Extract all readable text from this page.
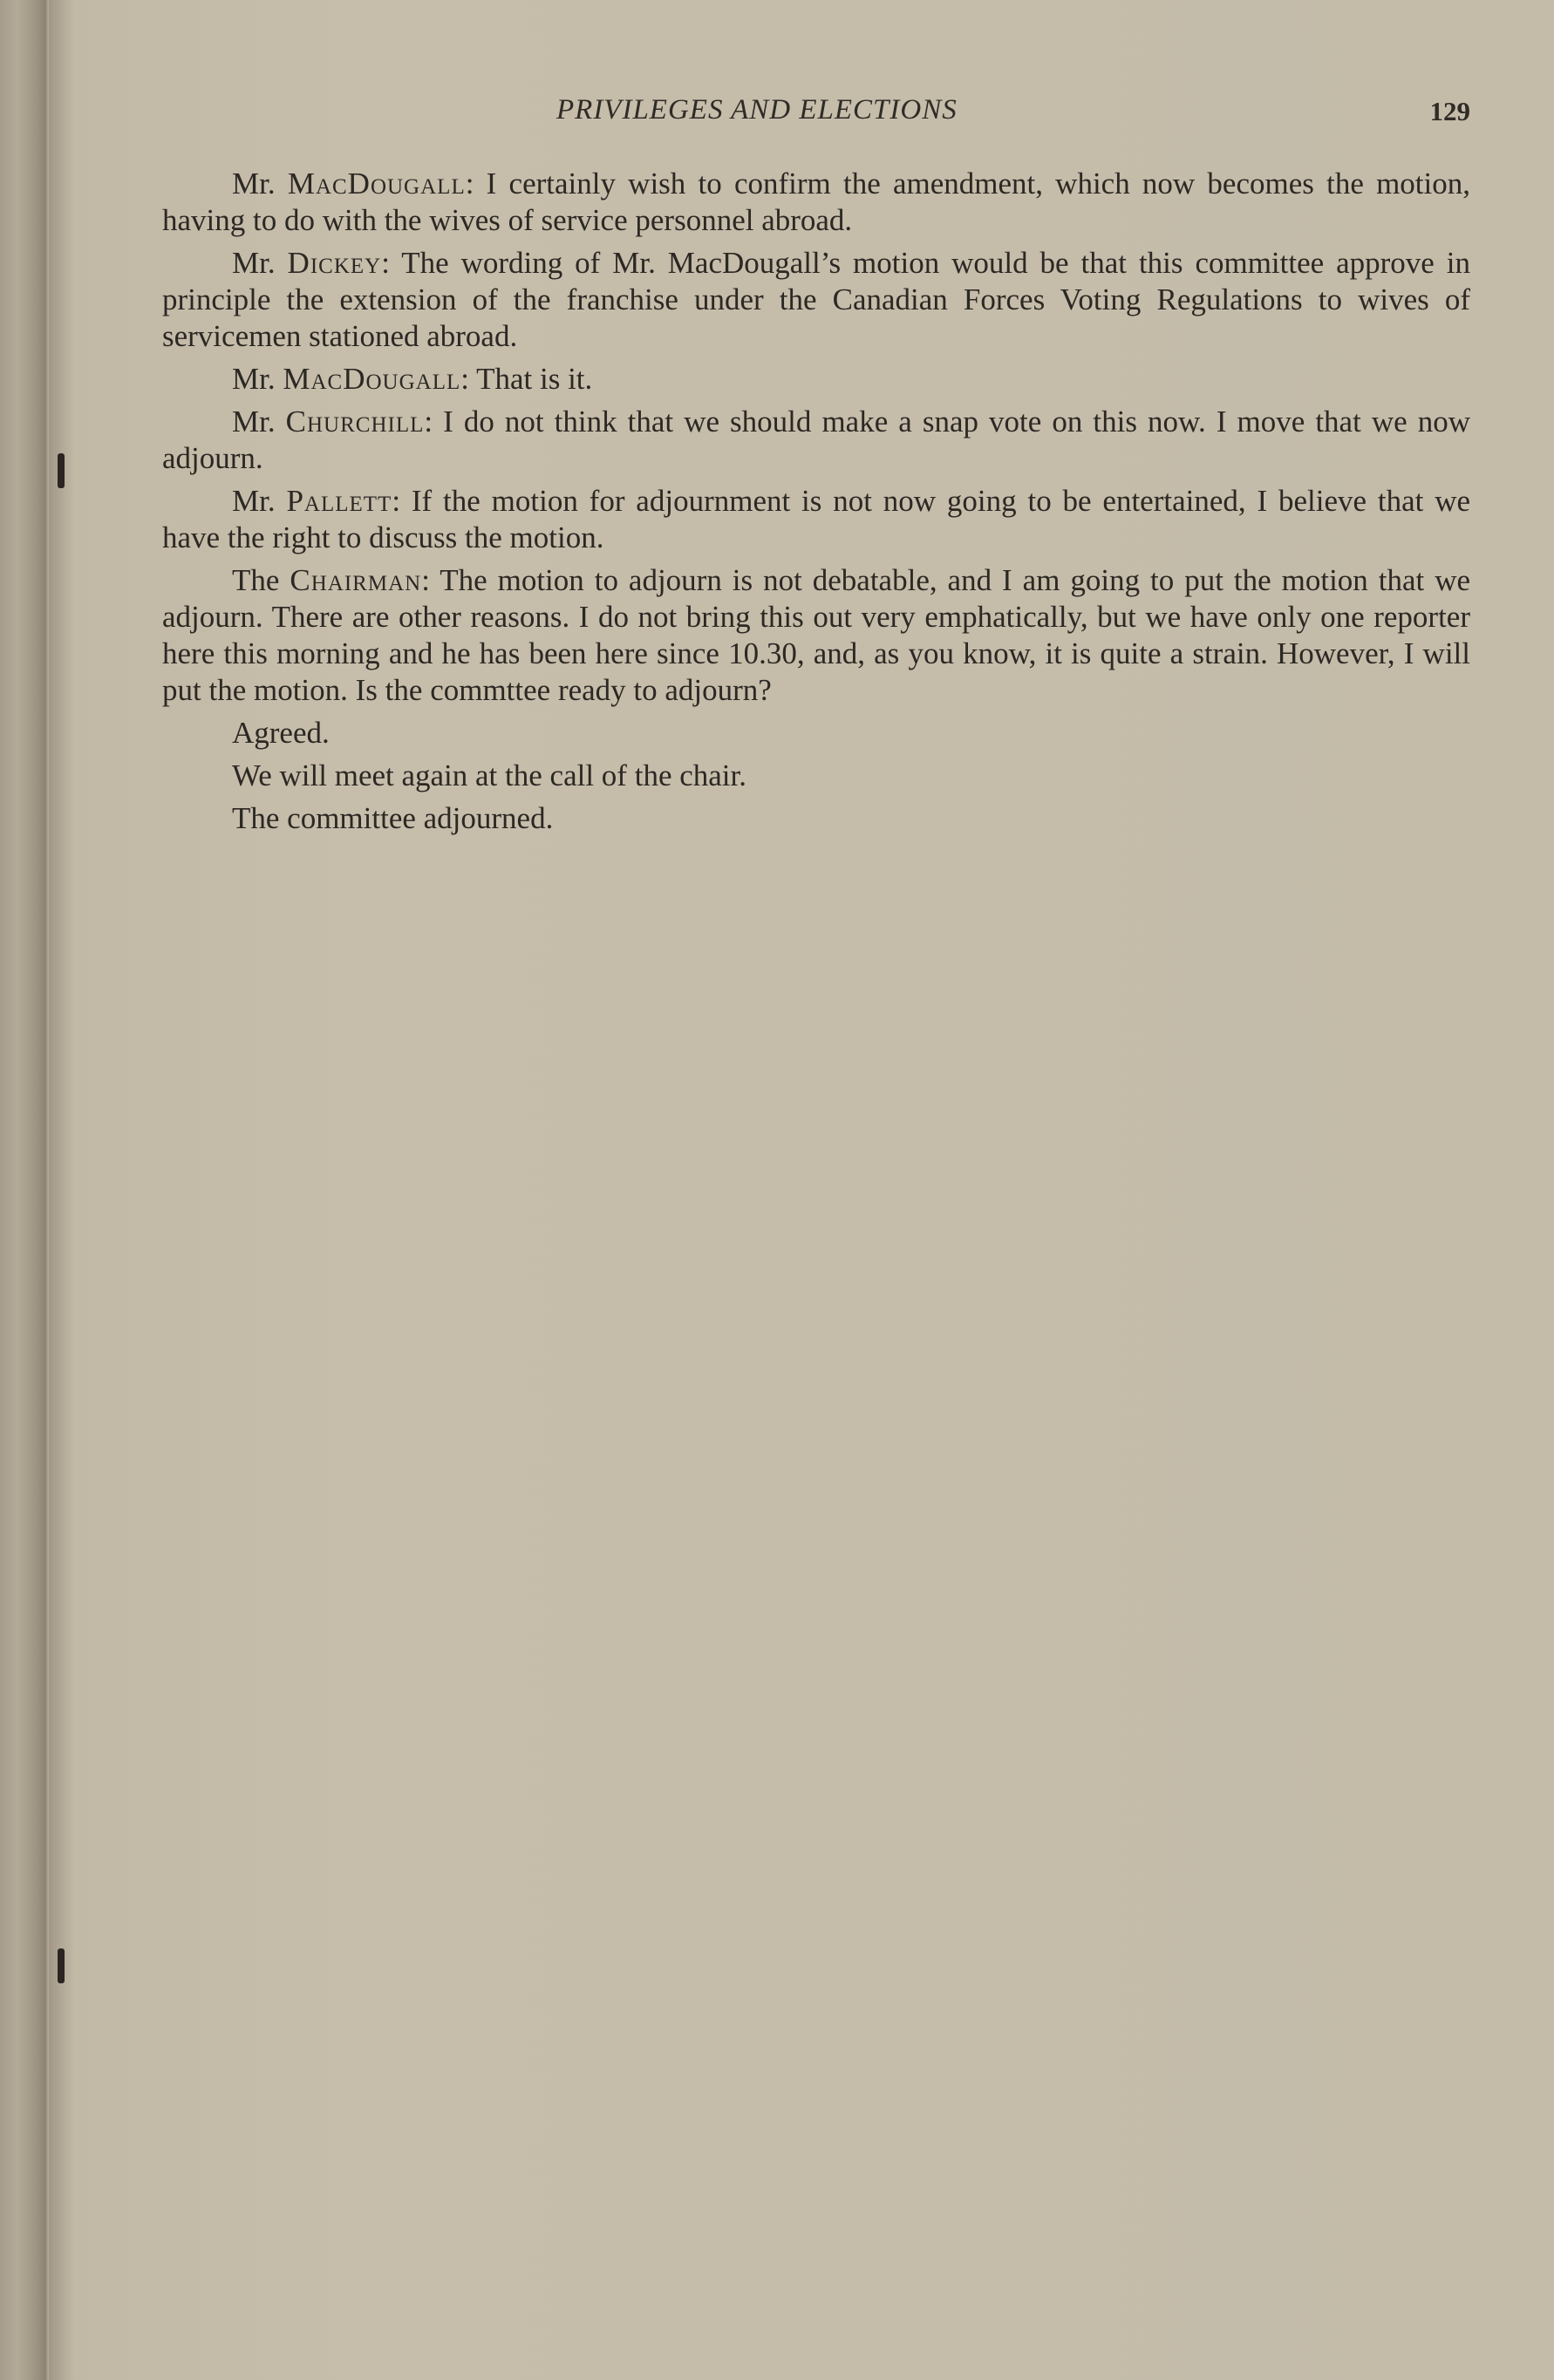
PRIVILEGES AND ELECTIONS	129

Mr. MacDougall: I certainly wish to confirm the amendment, which now becomes the motion, having to do with the wives of service personnel abroad.

Mr. Dickey: The wording of Mr. MacDougall’s motion would be that this committee approve in principle the extension of the franchise under the Canadian Forces Voting Regulations to wives of servicemen stationed abroad.

Mr. MacDougall: That is it.

Mr. Churchill: I do not think that we should make a snap vote on this now. I move that we now adjourn.

Mr. Pallett: If the motion for adjournment is not now going to be entertained, I believe that we have the right to discuss the motion.

The Chairman: The motion to adjourn is not debatable, and I am going to put the motion that we adjourn. There are other reasons. I do not bring this out very emphatically, but we have only one reporter here this morning and he has been here since 10.30, and, as you know, it is quite a strain. However, I will put the motion. Is the commttee ready to adjourn?

Agreed.

We will meet again at the call of the chair.

The committee adjourned.
